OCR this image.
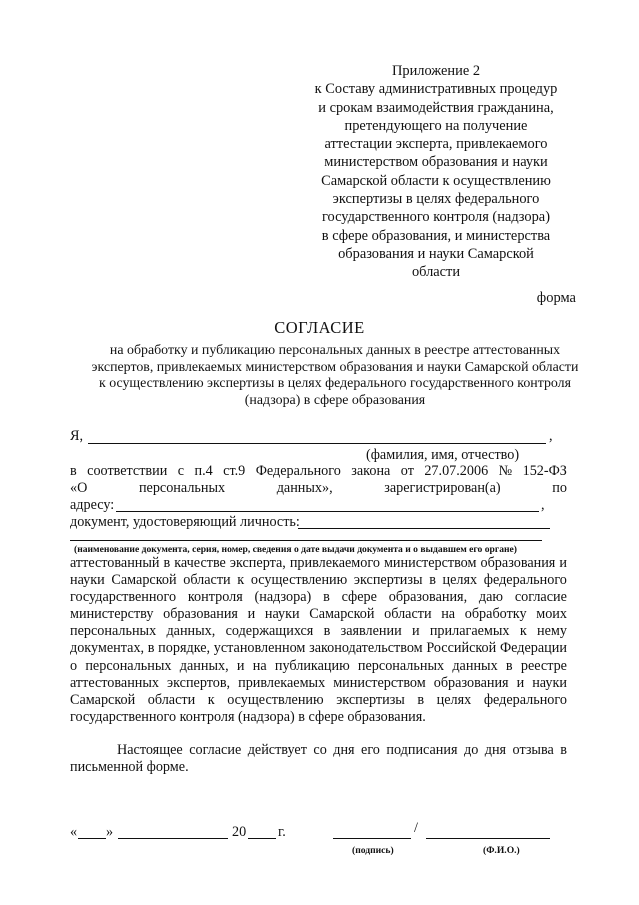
Приложение 2
к Составу административных процедур
и срокам взаимодействия гражданина,
претендующего на получение
аттестации эксперта, привлекаемого
министерством образования и науки
Самарской области к осуществлению
экспертизы в целях федерального
государственного контроля (надзора)
в сфере образования, и министерства
образования и науки Самарской
области
форма
СОГЛАСИЕ
на обработку и публикацию персональных данных в реестре аттестованных
экспертов, привлекаемых министерством образования и науки Самарской области
к осуществлению экспертизы в целях федерального государственного контроля
(надзора) в сфере образования
Я,	,
(фамилия, имя, отчество)
в соответствии с п.4 ст.9 Федерального закона от 27.07.2006 № 152-ФЗ
«О	персональных	данных»,	зарегистрирован(а)	по
адресу:	,
документ, удостоверяющий личность:
(наименование документа, серия, номер, сведения о дате выдачи документа и о выдавшем его органе)
аттестованный в качестве эксперта, привлекаемого министерством образования и
науки Самарской области к осуществлению экспертизы в целях федерального
государственного контроля (надзора) в сфере образования, даю согласие
министерству образования и науки Самарской области на обработку моих
персональных данных, содержащихся в заявлении и прилагаемых к нему
документах, в порядке, установленном законодательством Российской Федерации
о персональных данных, и на публикацию персональных данных в реестре
аттестованных экспертов, привлекаемых министерством образования и науки
Самарской области к осуществлению экспертизы в целях федерального
государственного контроля (надзора) в сфере образования.
Настоящее согласие действует со дня его подписания до дня отзыва в
письменной форме.
« »	20 г.	/
(подпись)	(Ф.И.О.)
